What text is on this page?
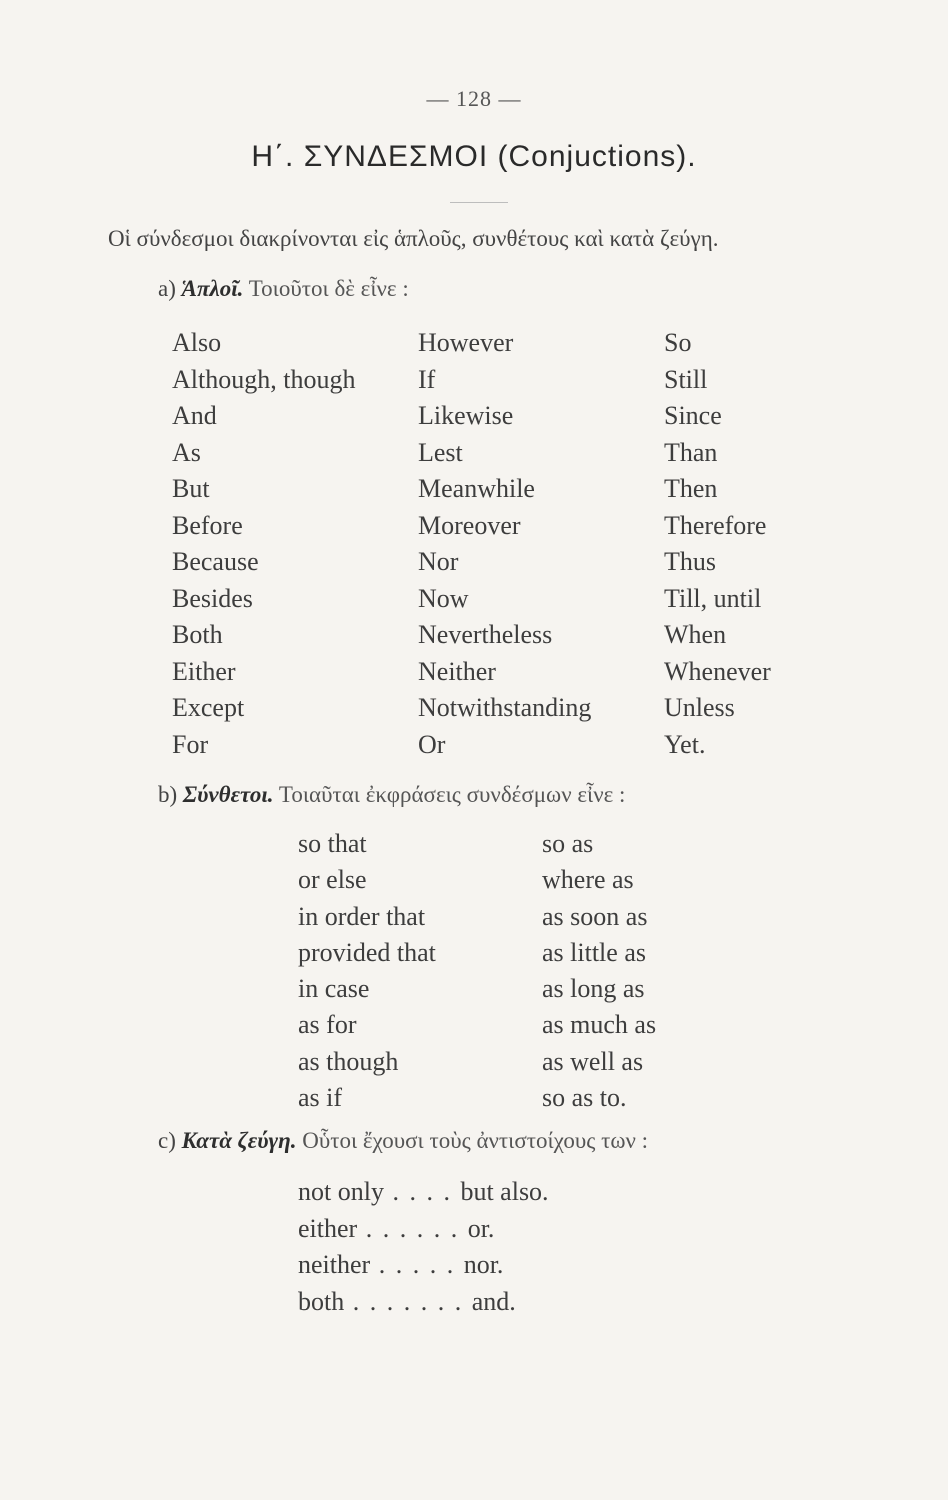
— 128 —
Η΄. ΣΥΝΔΕΣΜΟΙ (Conjuctions).
Οἱ σύνδεσμοι διακρίνονται εἰς ἁπλοῦς, συνθέτους καὶ κατὰ ζεύγη.
a) Ἁπλοῖ. Τοιοῦτοι δὲ εἶνε :
Also
Although, though
And
As
But
Before
Because
Besides
Both
Either
Except
For
However
If
Likewise
Lest
Meanwhile
Moreover
Nor
Now
Nevertheless
Neither
Notwithstanding
Or
So
Still
Since
Than
Then
Therefore
Thus
Till, until
When
Whenever
Unless
Yet.
b) Σύνθετοι. Τοιαῦται ἐκφράσεις συνδέσμων εἶνε :
so that
or else
in order that
provided that
in case
as for
as though
as if
so as
where as
as soon as
as little as
as long as
as much as
as well as
so as to.
c) Κατὰ ζεύγη. Οὗτοι ἔχουσι τοὺς ἀντιστοίχους των :
not only . . . . but also.
either . . . . . . or.
neither . . . . . nor.
both . . . . . . . and.
